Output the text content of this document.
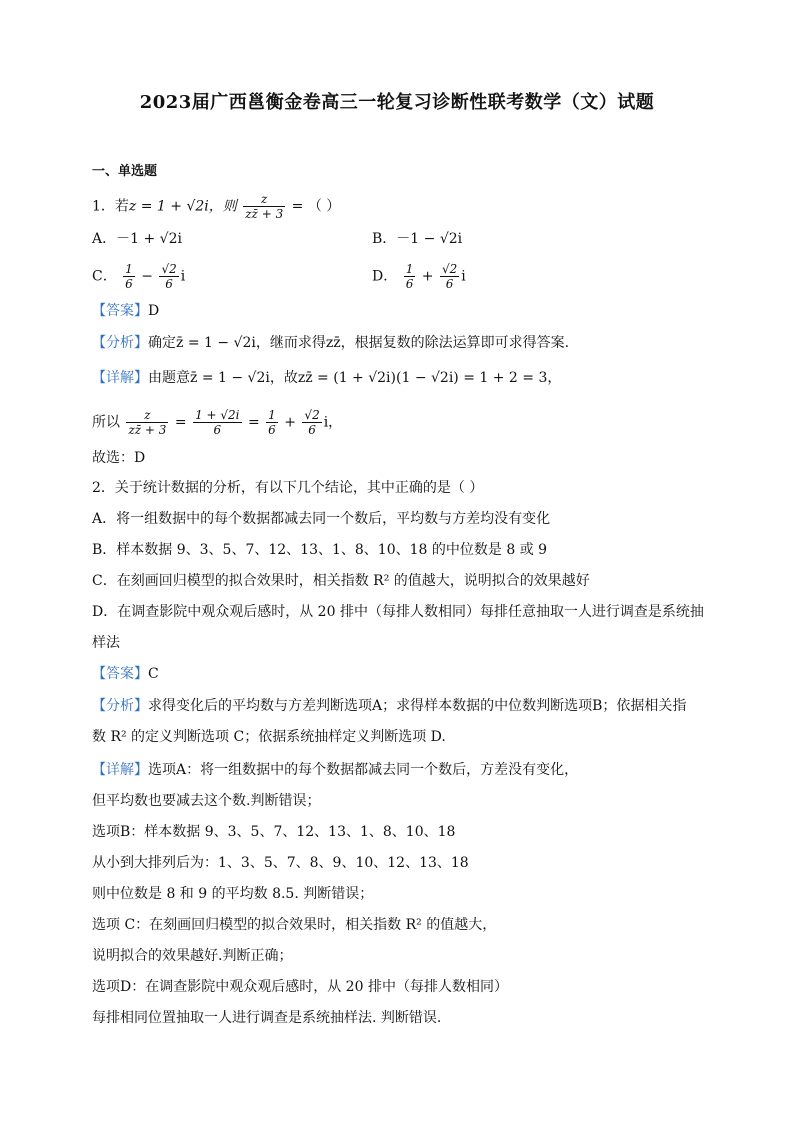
2023届广西邕衡金卷高三一轮复习诊断性联考数学（文）试题
一、单选题
1．若z = 1 + √2i，则 $\frac{z}{zz̄ + 3}$ = （ ）
A．－1 + √2i	B．－1 − √2i
C． $\frac{1}{6} - \frac{√2}{6}$ i	D． $\frac{1}{6} + \frac{√2}{6}$ i
【答案】D
【分析】确定z̄ = 1 − √2i，继而求得zz̄，根据复数的除法运算即可求得答案.
【详解】由题意z̄ = 1 − √2i，故zz̄ = (1 + √2i)(1 − √2i) = 1 + 2 = 3，
所以 $\frac{z}{zz̄ + 3} = \frac{1 + √2i}{6} = \frac{1}{6} + \frac{√2}{6}$ i，
故选：D
2．关于统计数据的分析，有以下几个结论，其中正确的是（ ）
A．将一组数据中的每个数据都减去同一个数后，平均数与方差均没有变化
B．样本数据 9、3、5、7、12、13、1、8、10、18 的中位数是 8 或 9
C．在刻画回归模型的拟合效果时，相关指数 R² 的值越大，说明拟合的效果越好
D．在调查影院中观众观后感时，从 20 排中（每排人数相同）每排任意抽取一人进行调查是系统抽
样法
【答案】C
【分析】求得变化后的平均数与方差判断选项A；求得样本数据的中位数判断选项B；依据相关指
数 R² 的定义判断选项 C；依据系统抽样定义判断选项 D.
【详解】选项A：将一组数据中的每个数据都减去同一个数后，方差没有变化，
但平均数也要减去这个数.判断错误；
选项B：样本数据 9、3、5、7、12、13、1、8、10、18
从小到大排列后为：1、3、5、7、8、9、10、12、13、18
则中位数是 8 和 9 的平均数 8.5. 判断错误；
选项 C：在刻画回归模型的拟合效果时，相关指数 R² 的值越大，
说明拟合的效果越好.判断正确；
选项D：在调查影院中观众观后感时，从 20 排中（每排人数相同）
每排相同位置抽取一人进行调查是系统抽样法. 判断错误.
